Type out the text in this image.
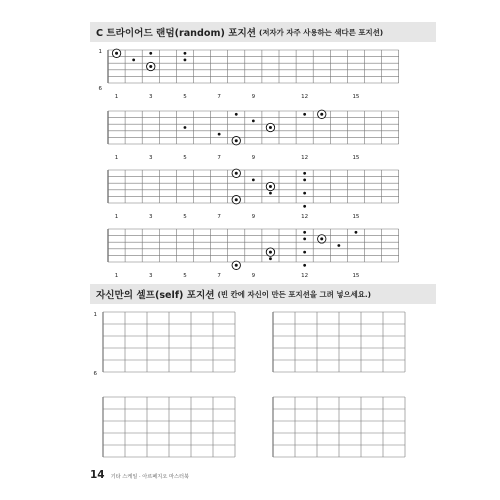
C 트라이어드 랜덤(random) 포지션 (저자가 자주 사용하는 색다른 포지션)
자신만의 셀프(self) 포지션 (빈 칸에 자신이 만든 포지션을 그려 넣으세요.)
1
6
1	3	5	7	9	12	15
1	3	5	7	9	12	15
1	3	5	7	9	12	15
1	3	5	7	9	12	15
1
6
14 기타 스케일 · 아르페지오 마스터북
